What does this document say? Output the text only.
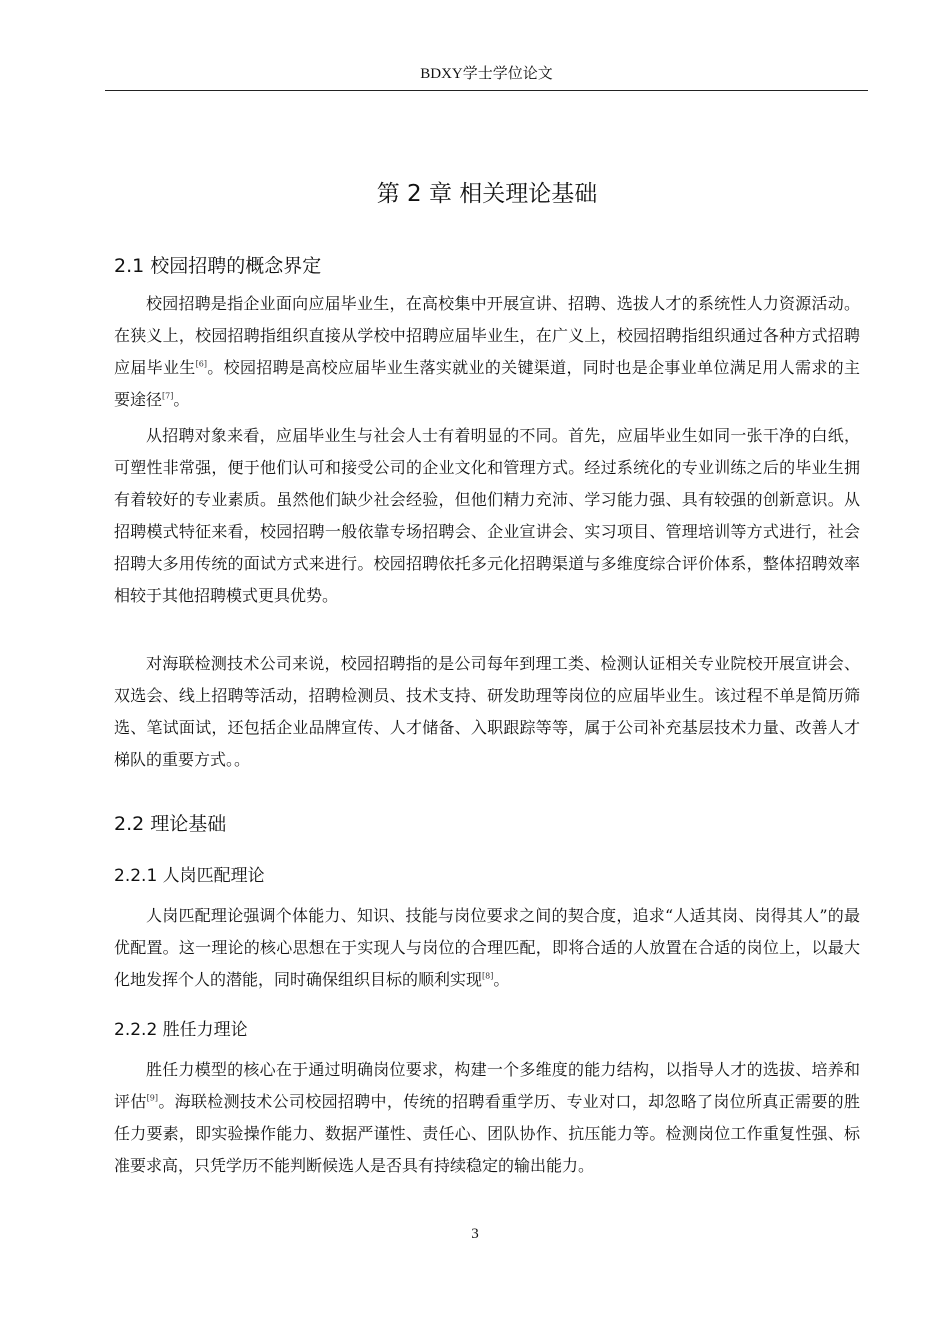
BDXY学士学位论文
第 2 章 相关理论基础
2.1 校园招聘的概念界定

校园招聘是指企业面向应届毕业生，在高校集中开展宣讲、招聘、选拔人才的系统性人力资源活动。在狭义上，校园招聘指组织直接从学校中招聘应届毕业生，在广义上，校园招聘指组织通过各种方式招聘应届毕业生[6]。校园招聘是高校应届毕业生落实就业的关键渠道，同时也是企事业单位满足用人需求的主要途径[7]。

从招聘对象来看，应届毕业生与社会人士有着明显的不同。首先，应届毕业生如同一张干净的白纸，可塑性非常强，便于他们认可和接受公司的企业文化和管理方式。经过系统化的专业训练之后的毕业生拥有着较好的专业素质。虽然他们缺少社会经验，但他们精力充沛、学习能力强、具有较强的创新意识。从招聘模式特征来看，校园招聘一般依靠专场招聘会、企业宣讲会、实习项目、管理培训等方式进行，社会招聘大多用传统的面试方式来进行。校园招聘依托多元化招聘渠道与多维度综合评价体系，整体招聘效率相较于其他招聘模式更具优势。

对海联检测技术公司来说，校园招聘指的是公司每年到理工类、检测认证相关专业院校开展宣讲会、双选会、线上招聘等活动，招聘检测员、技术支持、研发助理等岗位的应届毕业生。该过程不单是简历筛选、笔试面试，还包括企业品牌宣传、人才储备、入职跟踪等等，属于公司补充基层技术力量、改善人才梯队的重要方式。。

2.2 理论基础
2.2.1 人岗匹配理论

人岗匹配理论强调个体能力、知识、技能与岗位要求之间的契合度，追求“人适其岗、岗得其人”的最优配置。这一理论的核心思想在于实现人与岗位的合理匹配，即将合适的人放置在合适的岗位上，以最大化地发挥个人的潜能，同时确保组织目标的顺利实现[8]。

2.2.2 胜任力理论

胜任力模型的核心在于通过明确岗位要求，构建一个多维度的能力结构，以指导人才的选拔、培养和评估[9]。海联检测技术公司校园招聘中，传统的招聘看重学历、专业对口，却忽略了岗位所真正需要的胜任力要素，即实验操作能力、数据严谨性、责任心、团队协作、抗压能力等。检测岗位工作重复性强、标准要求高，只凭学历不能判断候选人是否具有持续稳定的输出能力。

3
